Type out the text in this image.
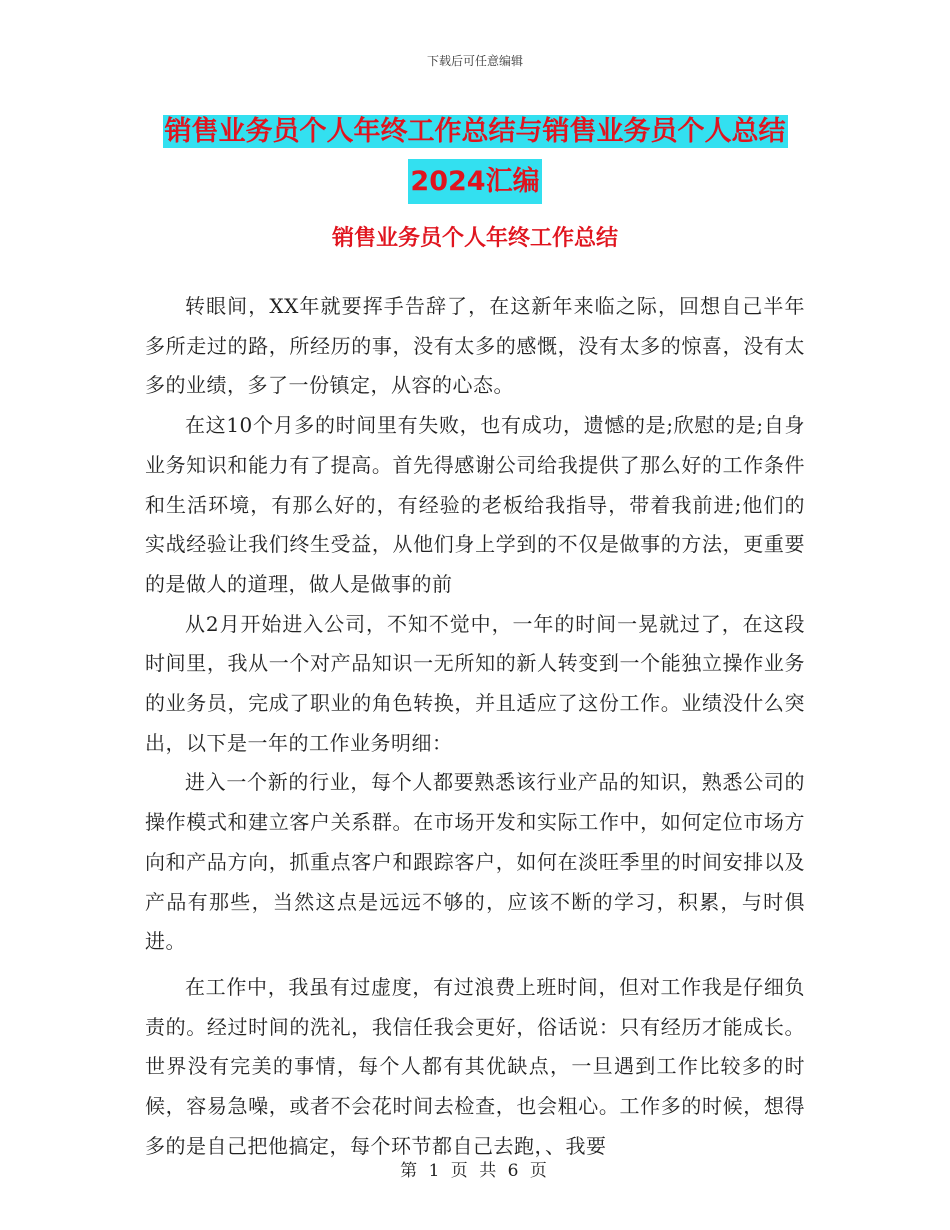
下载后可任意编辑
销售业务员个人年终工作总结与销售业务员个人总结
2024汇编
销售业务员个人年终工作总结

转眼间，XX年就要挥手告辞了，在这新年来临之际，回想自己半年多所走过的路，所经历的事，没有太多的感慨，没有太多的惊喜，没有太多的业绩，多了一份镇定，从容的心态。

在这10个月多的时间里有失败，也有成功，遗憾的是;欣慰的是;自身业务知识和能力有了提高。首先得感谢公司给我提供了那么好的工作条件和生活环境，有那么好的，有经验的老板给我指导，带着我前进;他们的实战经验让我们终生受益，从他们身上学到的不仅是做事的方法，更重要的是做人的道理，做人是做事的前

从2月开始进入公司，不知不觉中，一年的时间一晃就过了，在这段时间里，我从一个对产品知识一无所知的新人转变到一个能独立操作业务的业务员，完成了职业的角色转换，并且适应了这份工作。业绩没什么突出，以下是一年的工作业务明细：

进入一个新的行业，每个人都要熟悉该行业产品的知识，熟悉公司的操作模式和建立客户关系群。在市场开发和实际工作中，如何定位市场方向和产品方向，抓重点客户和跟踪客户，如何在淡旺季里的时间安排以及产品有那些，当然这点是远远不够的，应该不断的学习，积累，与时俱进。

在工作中，我虽有过虚度，有过浪费上班时间，但对工作我是仔细负责的。经过时间的洗礼，我信任我会更好，俗话说：只有经历才能成长。世界没有完美的事情，每个人都有其优缺点，一旦遇到工作比较多的时候，容易急噪，或者不会花时间去检查，也会粗心。工作多的时候，想得多的是自己把他搞定，每个环节都自己去跑，、我要

第 1 页 共 6 页
